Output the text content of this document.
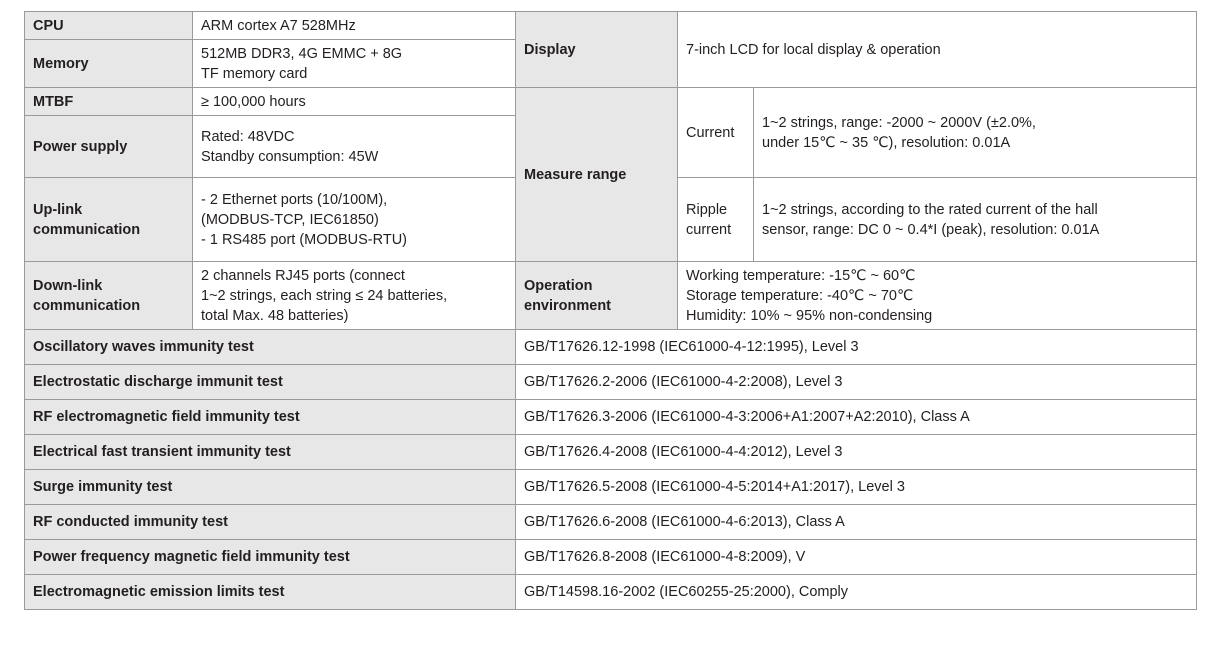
CPU	ARM cortex A7 528MHz	Display	7-inch LCD for local display & operation	
Memory	512MB DDR3, 4G EMMC + 8G
TF memory card			

MTBF	≥ 100,000 hours	Measure range	Current	1~2 strings, range: -2000 ~ 2000V (±2.0%,
under 15℃ ~ 35 ℃), resolution: 0.01A

Power supply	Rated: 48VDC
Standby consumption: 45W			

Up-link
communication	- 2 Ethernet ports (10/100M),
(MODBUS-TCP, IEC61850)
- 1 RS485 port (MODBUS-RTU)		Ripple
current	1~2 strings, according to the rated current of the hall
sensor, range: DC 0 ~ 0.4*I (peak), resolution: 0.01A

Down-link
communication	2 channels RJ45 ports (connect
1~2 strings, each string ≤ 24 batteries,
total Max. 48 batteries)	Operation
environment	Working temperature: -15℃ ~ 60℃
Storage temperature: -40℃ ~ 70℃
Humidity: 10% ~ 95% non-condensing	

Oscillatory waves immunity test		GB/T17626.12-1998 (IEC61000-4-12:1995), Level 3		
Electrostatic discharge immunit test		GB/T17626.2-2006 (IEC61000-4-2:2008), Level 3		
RF electromagnetic field immunity test		GB/T17626.3-2006 (IEC61000-4-3:2006+A1:2007+A2:2010), Class A		
Electrical fast transient immunity test		GB/T17626.4-2008 (IEC61000-4-4:2012), Level 3		
Surge immunity test		GB/T17626.5-2008 (IEC61000-4-5:2014+A1:2017), Level 3		
RF conducted immunity test		GB/T17626.6-2008 (IEC61000-4-6:2013), Class A		
Power frequency magnetic field immunity test		GB/T17626.8-2008 (IEC61000-4-8:2009), V		
Electromagnetic emission limits test		GB/T14598.16-2002 (IEC60255-25:2000), Comply		
